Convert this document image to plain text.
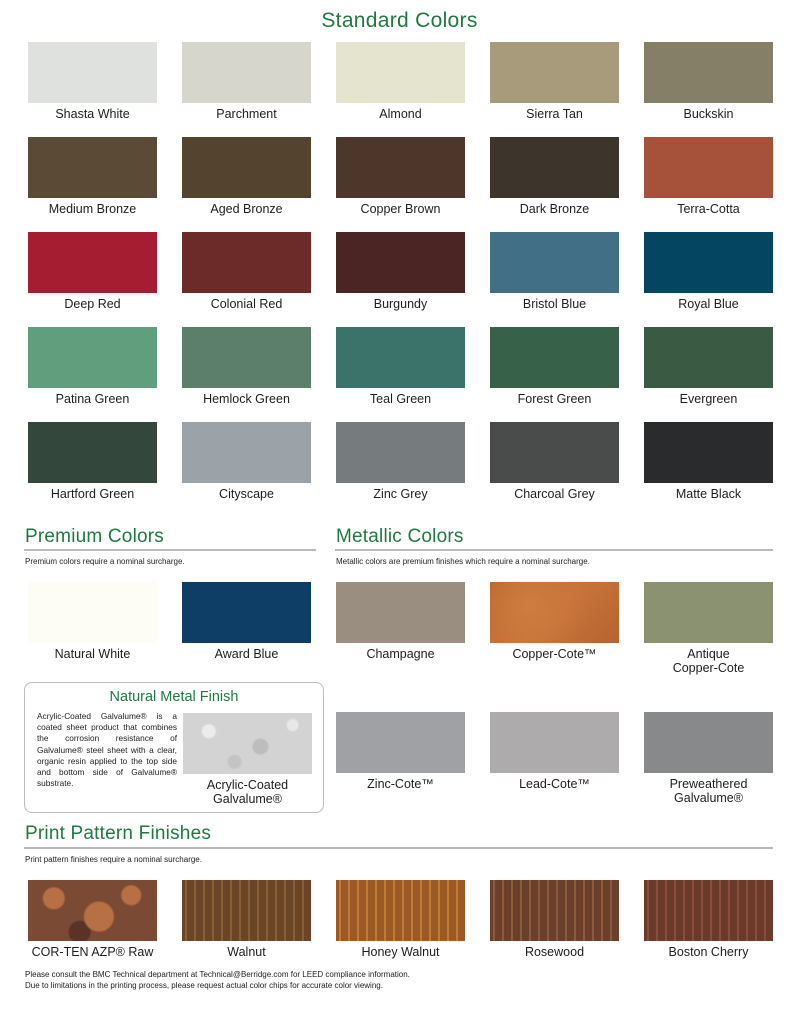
Standard Colors
Premium Colors
Premium colors require a nominal surcharge.
Metallic Colors
Metallic colors are premium finishes which require a nominal surcharge.
Natural Metal Finish
Acrylic-Coated Galvalume® is a coated sheet product that combines the corrosion resistance of Galvalume® steel sheet with a clear, organic resin applied to the top side and bottom side of Galvalume® substrate.	Acrylic-Coated
Galvalume®
Print Pattern Finishes
Print pattern finishes require a nominal surcharge.
Please consult the BMC Technical department at Technical@Berridge.com for LEED compliance information.
Due to limitations in the printing process, please request actual color chips for accurate color viewing.
Shasta White	Parchment	Almond	Sierra Tan	Buckskin
Medium Bronze	Aged Bronze	Copper Brown	Dark Bronze	Terra-Cotta
Deep Red	Colonial Red	Burgundy	Bristol Blue	Royal Blue
Patina Green	Hemlock Green	Teal Green	Forest Green	Evergreen
Hartford Green	Cityscape	Zinc Grey	Charcoal Grey	Matte Black
Natural White	Award Blue	Champagne	Copper-Cote™	Antique
Copper-Cote
Zinc-Cote™	Lead-Cote™	Preweathered
Galvalume®
COR-TEN AZP® Raw	Walnut	Honey Walnut	Rosewood	Boston Cherry
